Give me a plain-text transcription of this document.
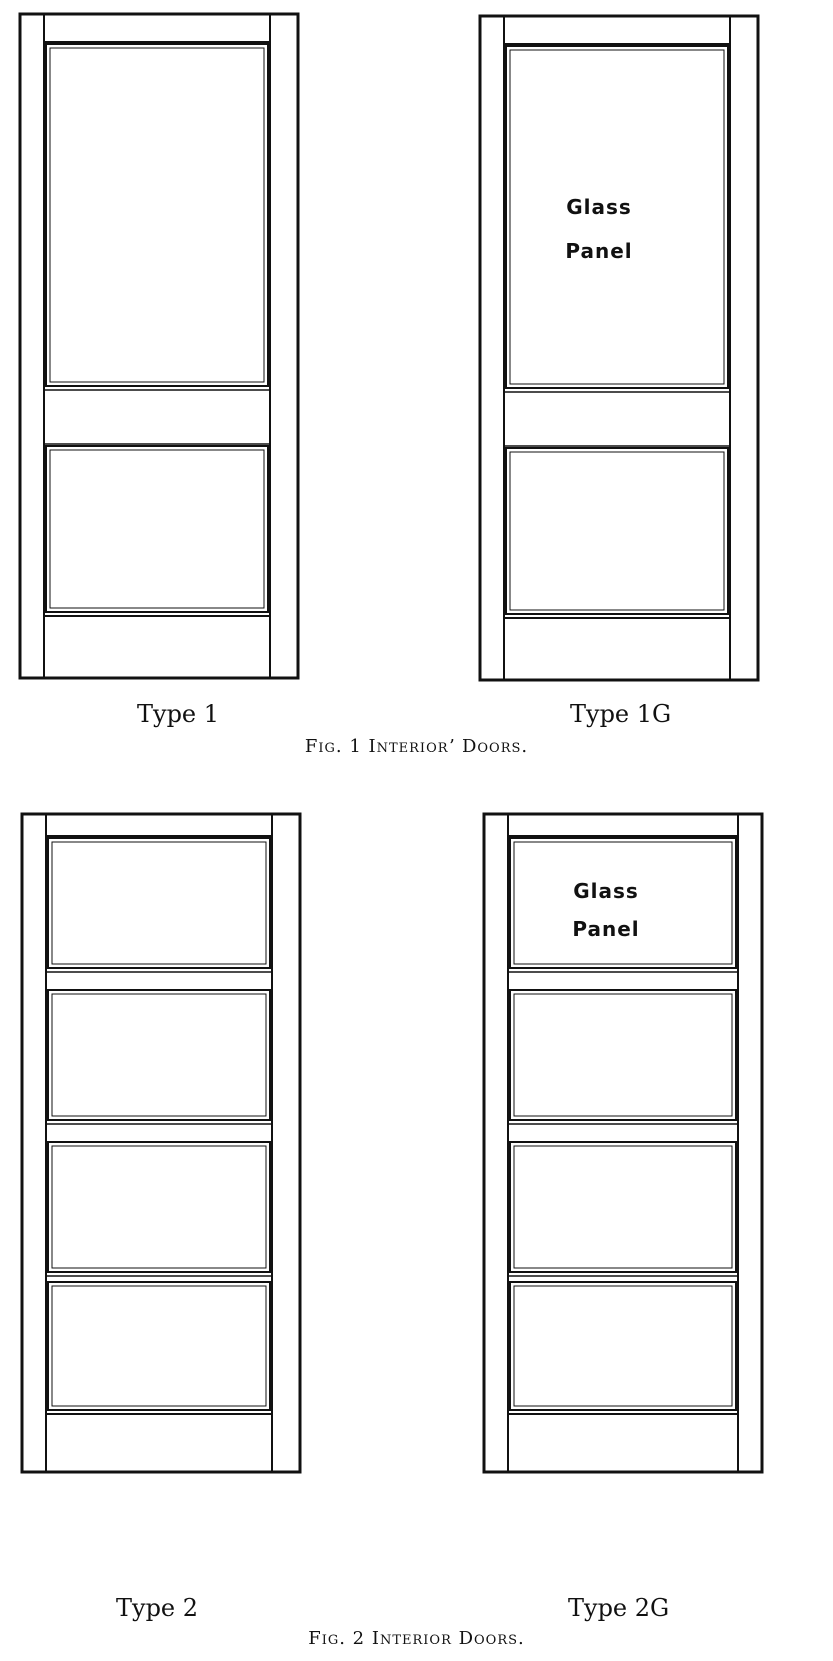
Type 1
Glass
Panel
Type 1G
Fig. 1 Interiorʼ Doors.
Type 2
Glass
Panel
Type 2G
Fig. 2 Interior Doors.
